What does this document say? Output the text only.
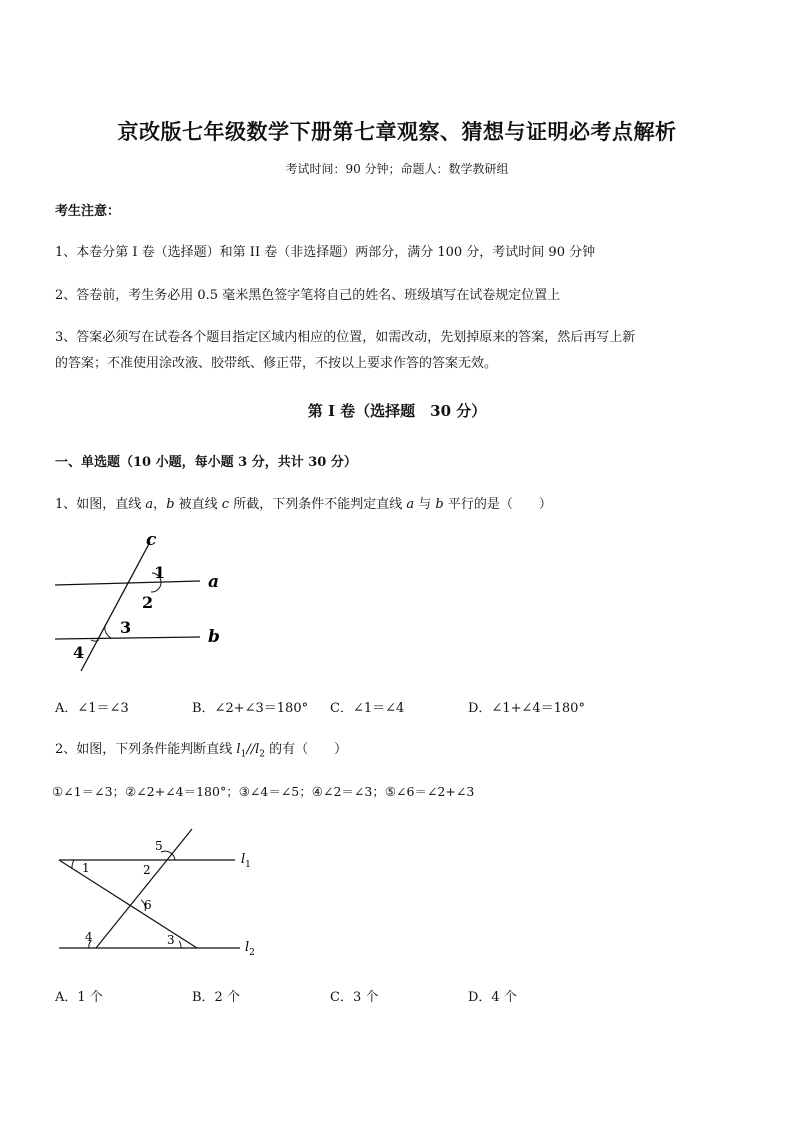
京改版七年级数学下册第七章观察、猜想与证明必考点解析
考试时间：90 分钟；命题人：数学教研组
考生注意：
1、本卷分第 I 卷（选择题）和第 II 卷（非选择题）两部分，满分 100 分，考试时间 90 分钟
2、答卷前，考生务必用 0.5 毫米黑色签字笔将自己的姓名、班级填写在试卷规定位置上
3、答案必须写在试卷各个题目指定区域内相应的位置，如需改动，先划掉原来的答案，然后再写上新
的答案；不准使用涂改液、胶带纸、修正带，不按以上要求作答的答案无效。
第 I 卷（选择题　30 分）
一、单选题（10 小题，每小题 3 分，共计 30 分）
1、如图，直线 a，b 被直线 c 所截，下列条件不能判定直线 a 与 b 平行的是（　　）
c
a
b
1
2
3
4
A．∠1＝∠3	B．∠2+∠3＝180° C．∠1＝∠4	D．∠1+∠4＝180°
2、如图，下列条件能判断直线 $l_1//l_2$ 的有（　　）
①∠1＝∠3；②∠2+∠4＝180°；③∠4＝∠5；④∠2＝∠3；⑤∠6＝∠2+∠3
1	2
5
6
4	3
$l_1$
$l_2$
A．1 个	B．2 个	C．3 个	D．4 个
